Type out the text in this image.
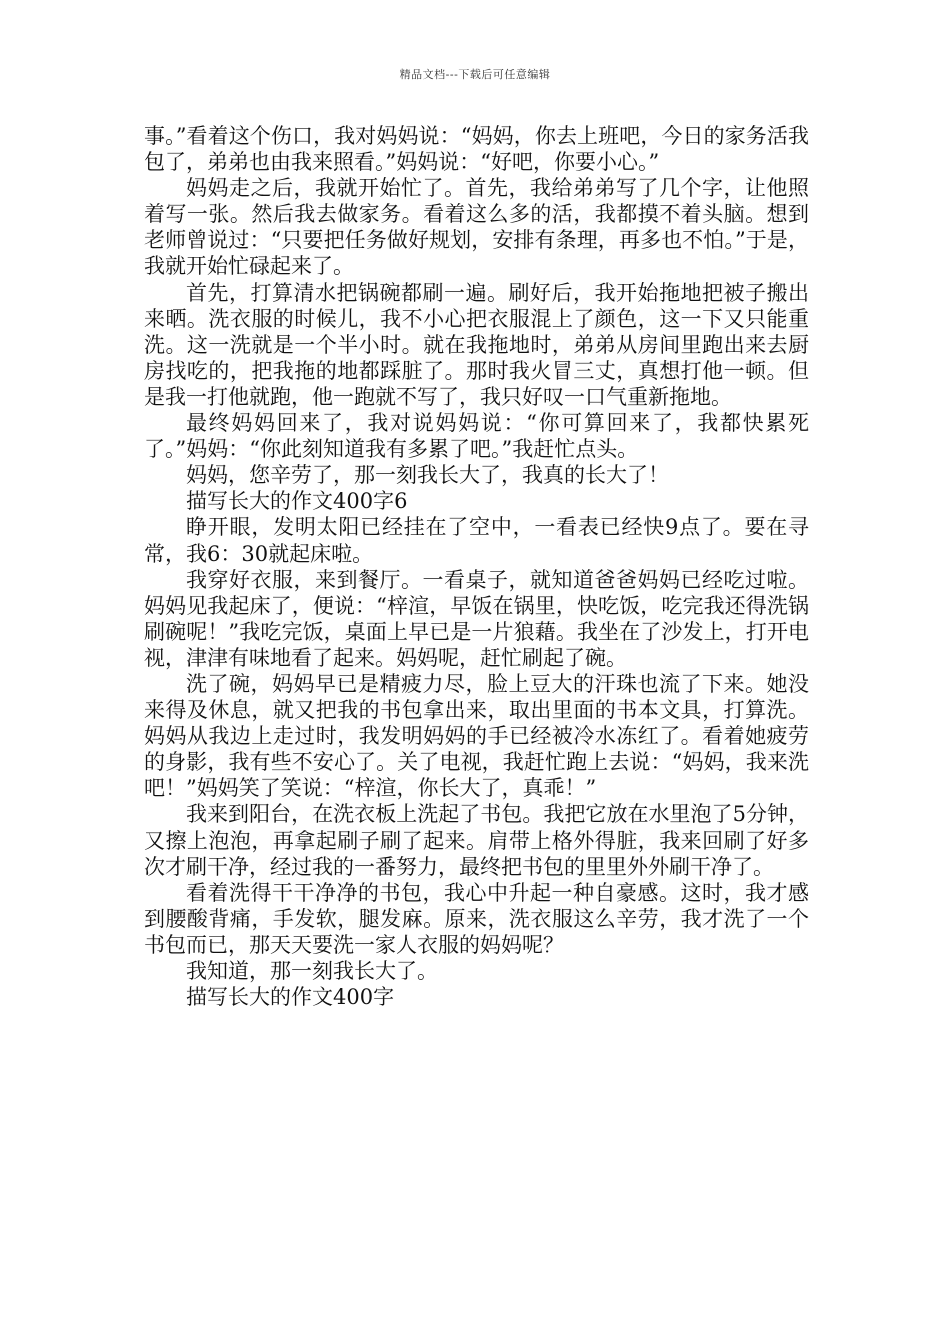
精品文档---下载后可任意编辑

事。”看着这个伤口，我对妈妈说：“妈妈，你去上班吧，今日的家务活我包了，弟弟也由我来照看。”妈妈说：“好吧，你要小心。”

妈妈走之后，我就开始忙了。首先，我给弟弟写了几个字，让他照着写一张。然后我去做家务。看着这么多的活，我都摸不着头脑。想到老师曾说过：“只要把任务做好规划，安排有条理，再多也不怕。”于是，我就开始忙碌起来了。

首先，打算清水把锅碗都刷一遍。刷好后，我开始拖地把被子搬出来晒。洗衣服的时候儿，我不小心把衣服混上了颜色，这一下又只能重洗。这一洗就是一个半小时。就在我拖地时，弟弟从房间里跑出来去厨房找吃的，把我拖的地都踩脏了。那时我火冒三丈，真想打他一顿。但是我一打他就跑，他一跑就不写了，我只好叹一口气重新拖地。

最终妈妈回来了，我对说妈妈说：“你可算回来了，我都快累死了。”妈妈：“你此刻知道我有多累了吧。”我赶忙点头。

妈妈，您辛劳了，那一刻我长大了，我真的长大了！

描写长大的作文400字6

睁开眼，发明太阳已经挂在了空中，一看表已经快9点了。要在寻常，我6：30就起床啦。

我穿好衣服，来到餐厅。一看桌子，就知道爸爸妈妈已经吃过啦。妈妈见我起床了，便说：“梓渲，早饭在锅里，快吃饭，吃完我还得洗锅刷碗呢！”我吃完饭，桌面上早已是一片狼藉。我坐在了沙发上，打开电视，津津有味地看了起来。妈妈呢，赶忙刷起了碗。

洗了碗，妈妈早已是精疲力尽，脸上豆大的汗珠也流了下来。她没来得及休息，就又把我的书包拿出来，取出里面的书本文具，打算洗。妈妈从我边上走过时，我发明妈妈的手已经被冷水冻红了。看着她疲劳的身影，我有些不安心了。关了电视，我赶忙跑上去说：“妈妈，我来洗吧！”妈妈笑了笑说：“梓渲，你长大了，真乖！”

我来到阳台，在洗衣板上洗起了书包。我把它放在水里泡了5分钟，又擦上泡泡，再拿起刷子刷了起来。肩带上格外得脏，我来回刷了好多次才刷干净，经过我的一番努力，最终把书包的里里外外刷干净了。

看着洗得干干净净的书包，我心中升起一种自豪感。这时，我才感到腰酸背痛，手发软，腿发麻。原来，洗衣服这么辛劳，我才洗了一个书包而已，那天天要洗一家人衣服的妈妈呢？

我知道，那一刻我长大了。

描写长大的作文400字
